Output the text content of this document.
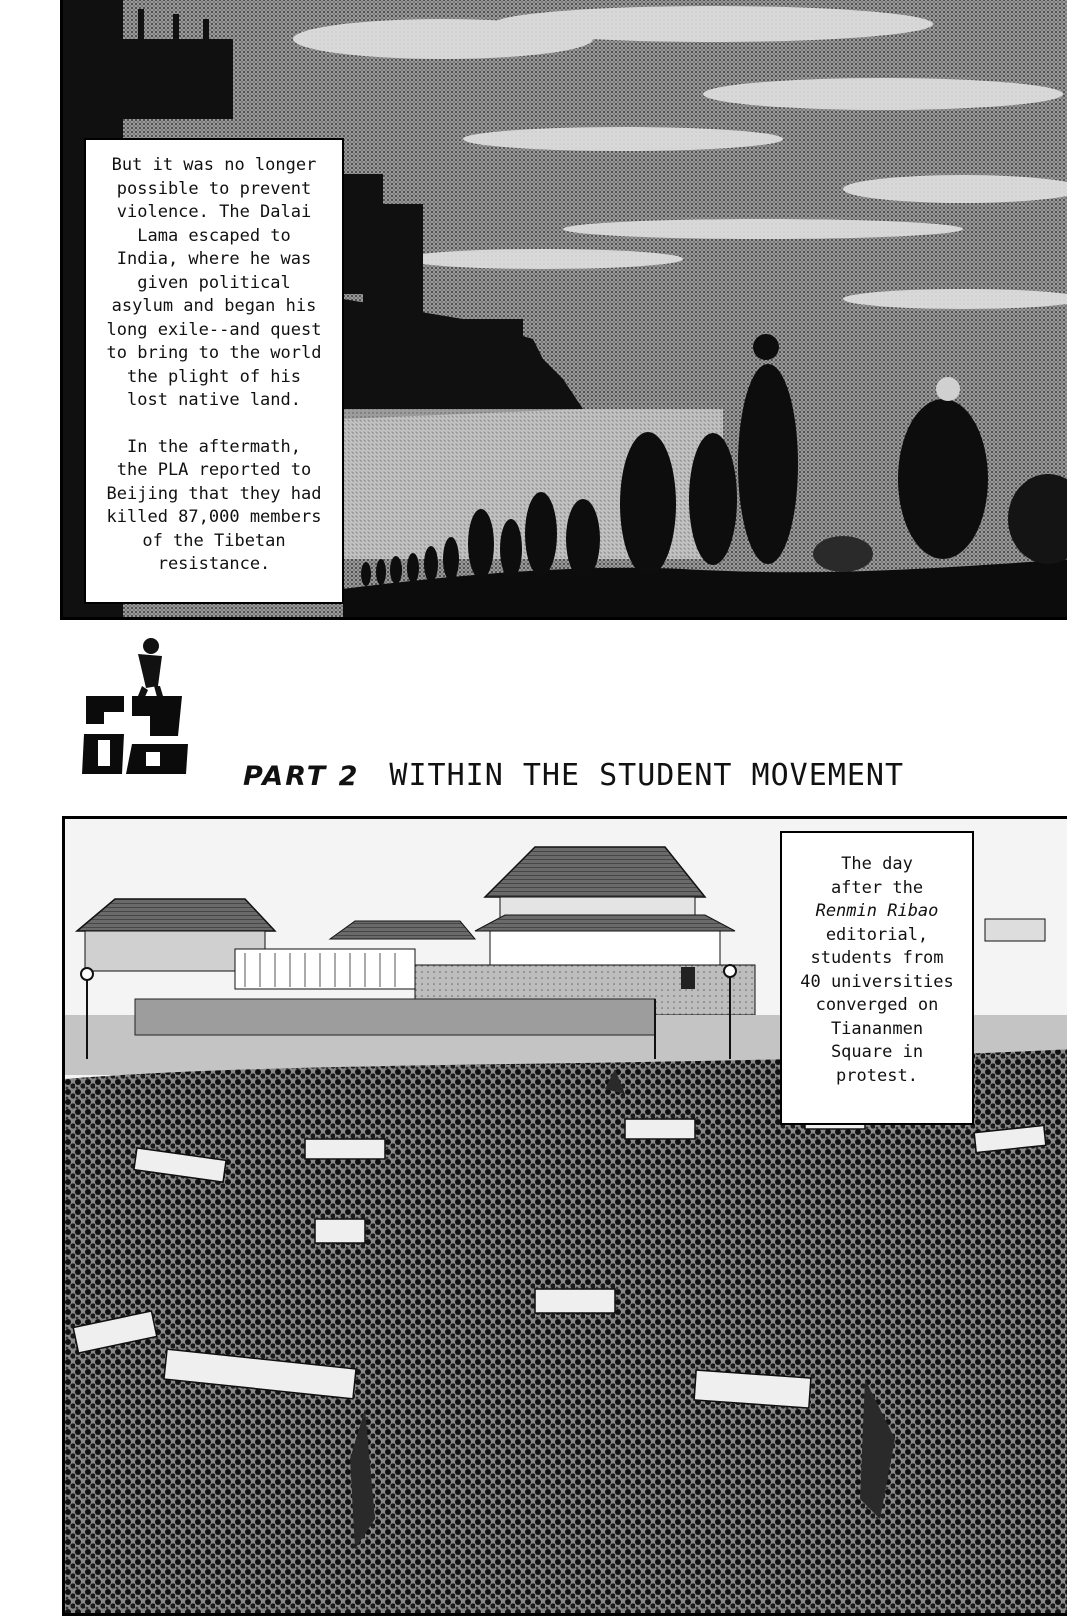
But it was no longer
possible to prevent
violence. The Dalai
Lama escaped to
India, where he was
given political
asylum and began his
long exile--and quest
to bring to the world
the plight of his
lost native land.

In the aftermath,
the PLA reported to
Beijing that they had
killed 87,000 members
of the Tibetan
resistance.

PART 2 WITHIN THE STUDENT MOVEMENT

The day
after the
Renmin Ribao
editorial,
students from
40 universities
converged on
Tiananmen
Square in
protest.
